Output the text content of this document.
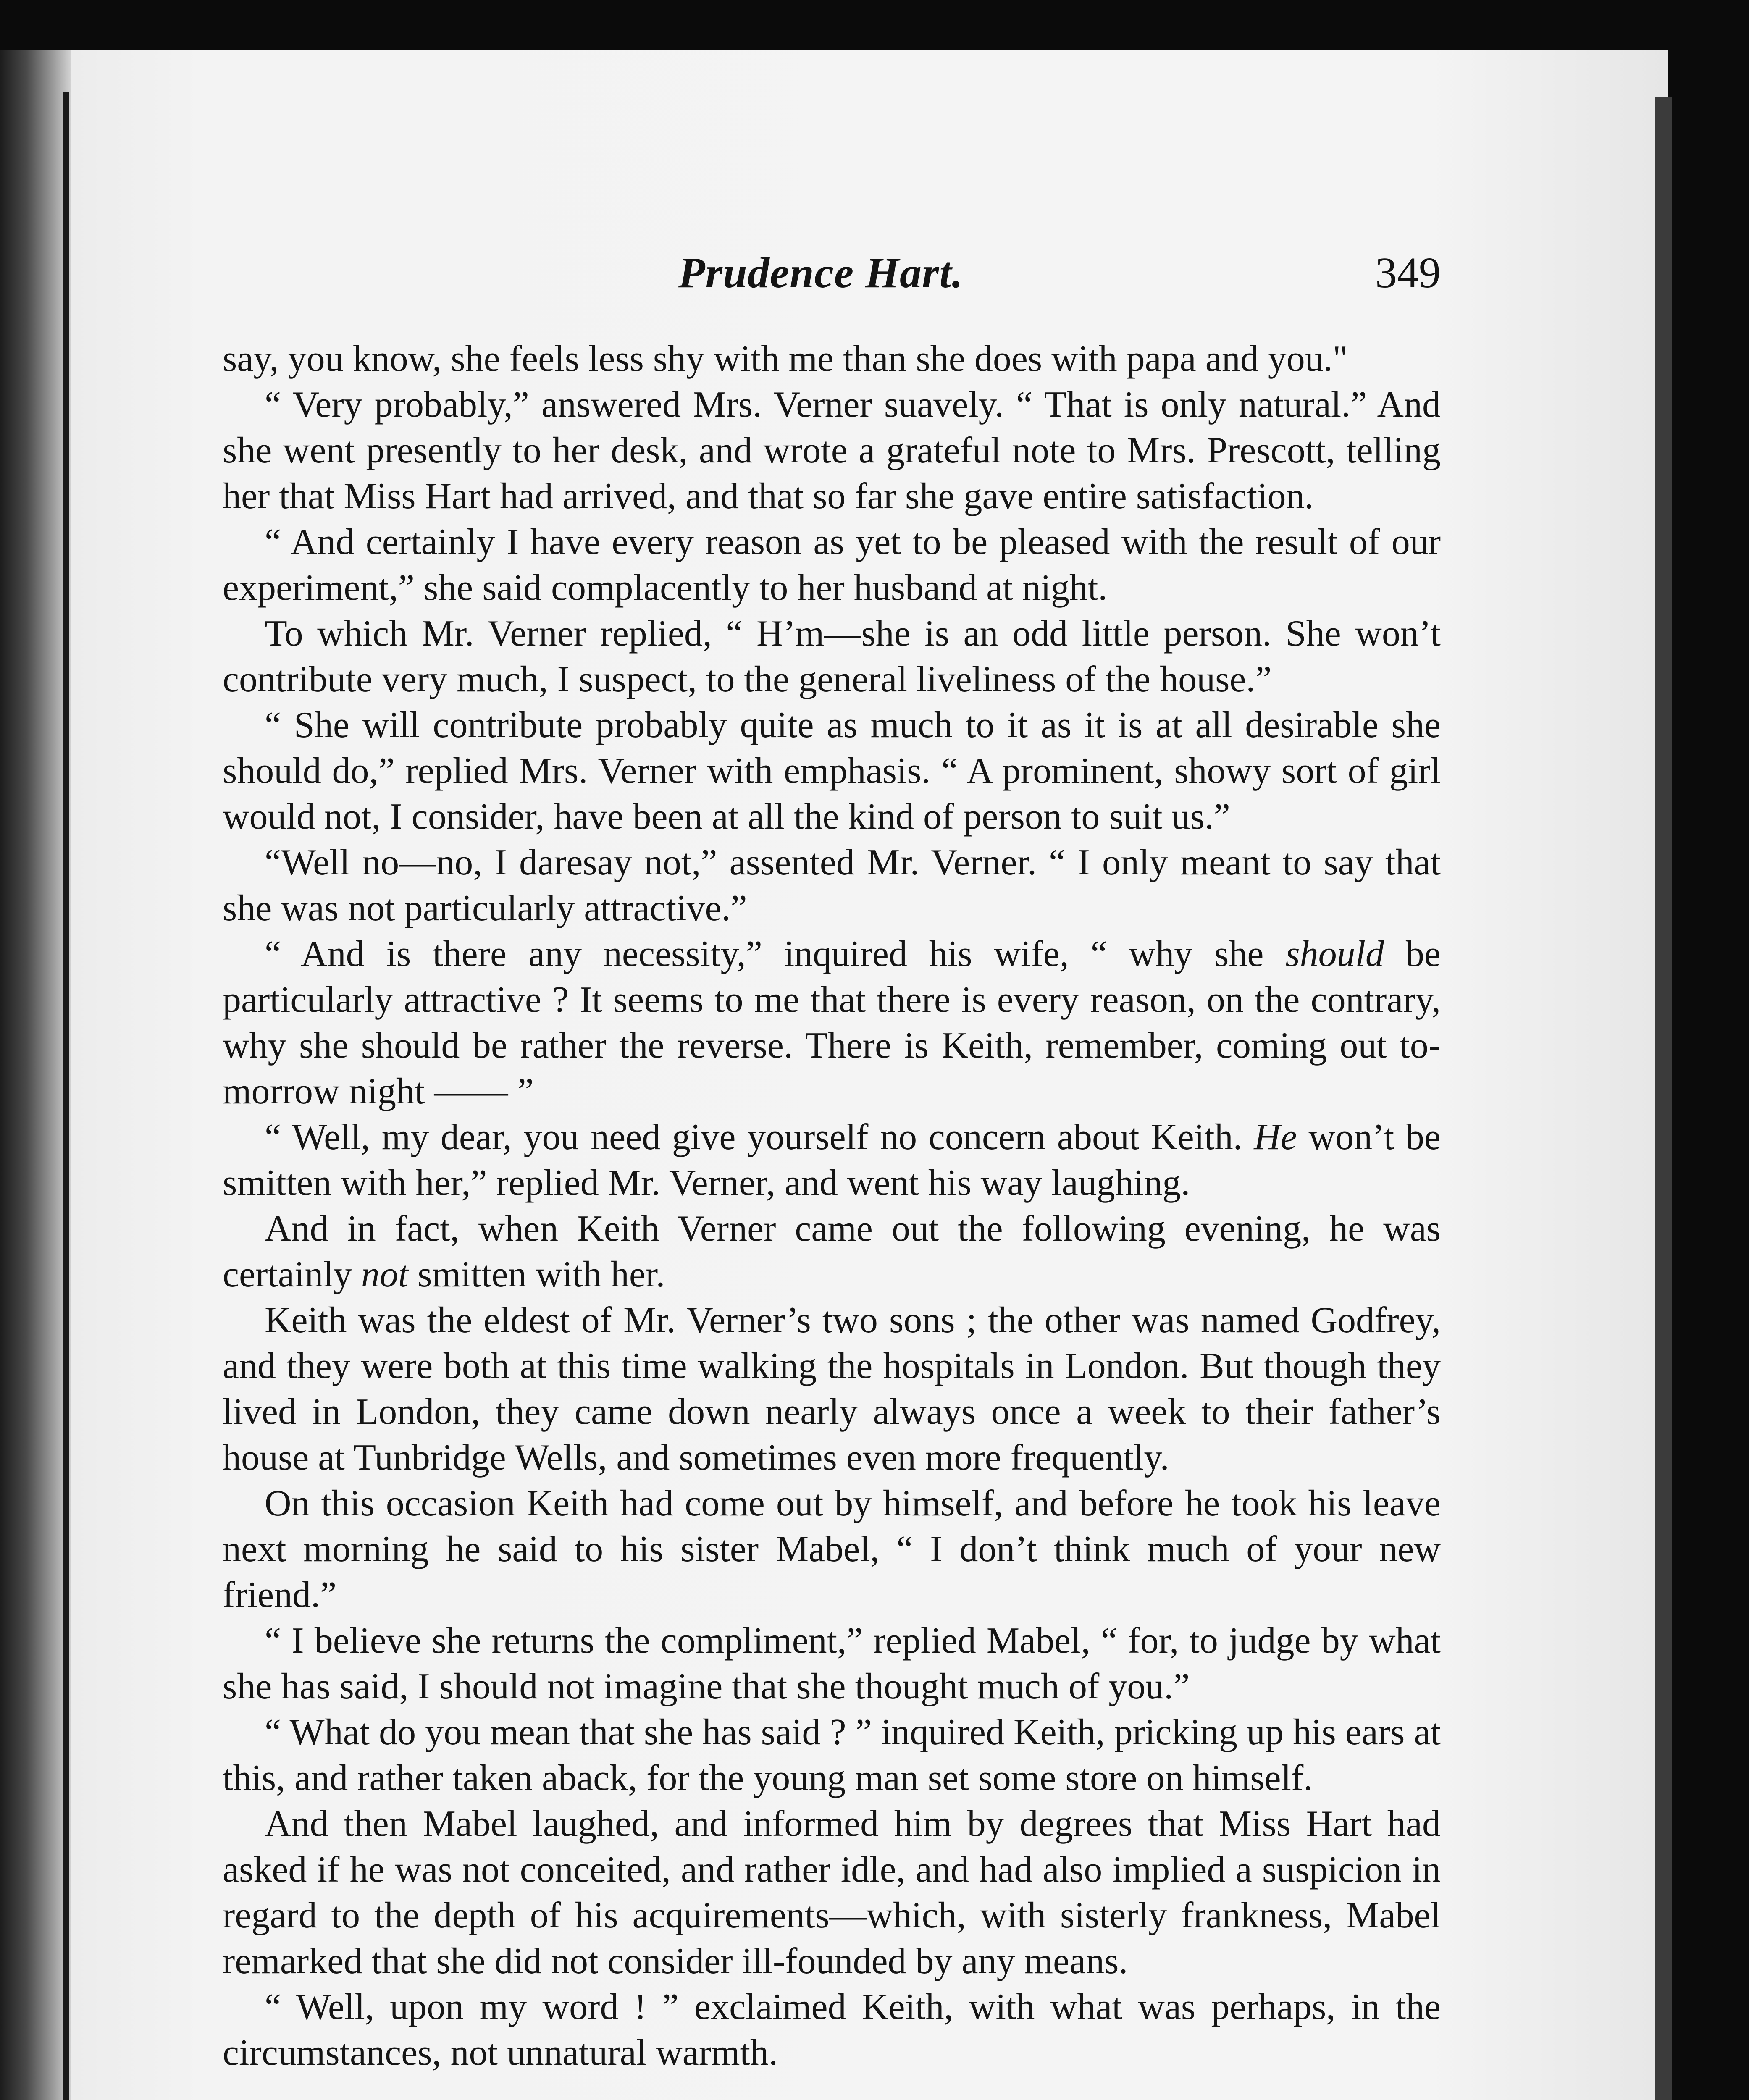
Prudence Hart.	349

say, you know, she feels less shy with me than she does with papa and you."

“ Very probably,” answered Mrs. Verner suavely. “ That is only natural.” And she went presently to her desk, and wrote a grateful note to Mrs. Prescott, telling her that Miss Hart had arrived, and that so far she gave entire satisfaction.

“ And certainly I have every reason as yet to be pleased with the result of our experiment,” she said complacently to her husband at night.

To which Mr. Verner replied, “ H’m—she is an odd little person. She won’t contribute very much, I suspect, to the general liveliness of the house.”

“ She will contribute probably quite as much to it as it is at all desirable she should do,” replied Mrs. Verner with emphasis. “ A prominent, showy sort of girl would not, I consider, have been at all the kind of person to suit us.”

“Well no—no, I daresay not,” assented Mr. Verner. “ I only meant to say that she was not particularly attractive.”

“ And is there any necessity,” inquired his wife, “ why she should be particularly attractive ? It seems to me that there is every reason, on the contrary, why she should be rather the reverse. There is Keith, remember, coming out to-morrow night —— ”

“ Well, my dear, you need give yourself no concern about Keith. He won’t be smitten with her,” replied Mr. Verner, and went his way laughing.

And in fact, when Keith Verner came out the following evening, he was certainly not smitten with her.

Keith was the eldest of Mr. Verner’s two sons ; the other was named Godfrey, and they were both at this time walking the hospitals in London. But though they lived in London, they came down nearly always once a week to their father’s house at Tunbridge Wells, and sometimes even more frequently.

On this occasion Keith had come out by himself, and before he took his leave next morning he said to his sister Mabel, “ I don’t think much of your new friend.”

“ I believe she returns the compliment,” replied Mabel, “ for, to judge by what she has said, I should not imagine that she thought much of you.”

“ What do you mean that she has said ? ” inquired Keith, pricking up his ears at this, and rather taken aback, for the young man set some store on himself.

And then Mabel laughed, and informed him by degrees that Miss Hart had asked if he was not conceited, and rather idle, and had also implied a suspicion in regard to the depth of his acquirements—which, with sisterly frankness, Mabel remarked that she did not consider ill-founded by any means.

“ Well, upon my word ! ” exclaimed Keith, with what was perhaps, in the circumstances, not unnatural warmth.
